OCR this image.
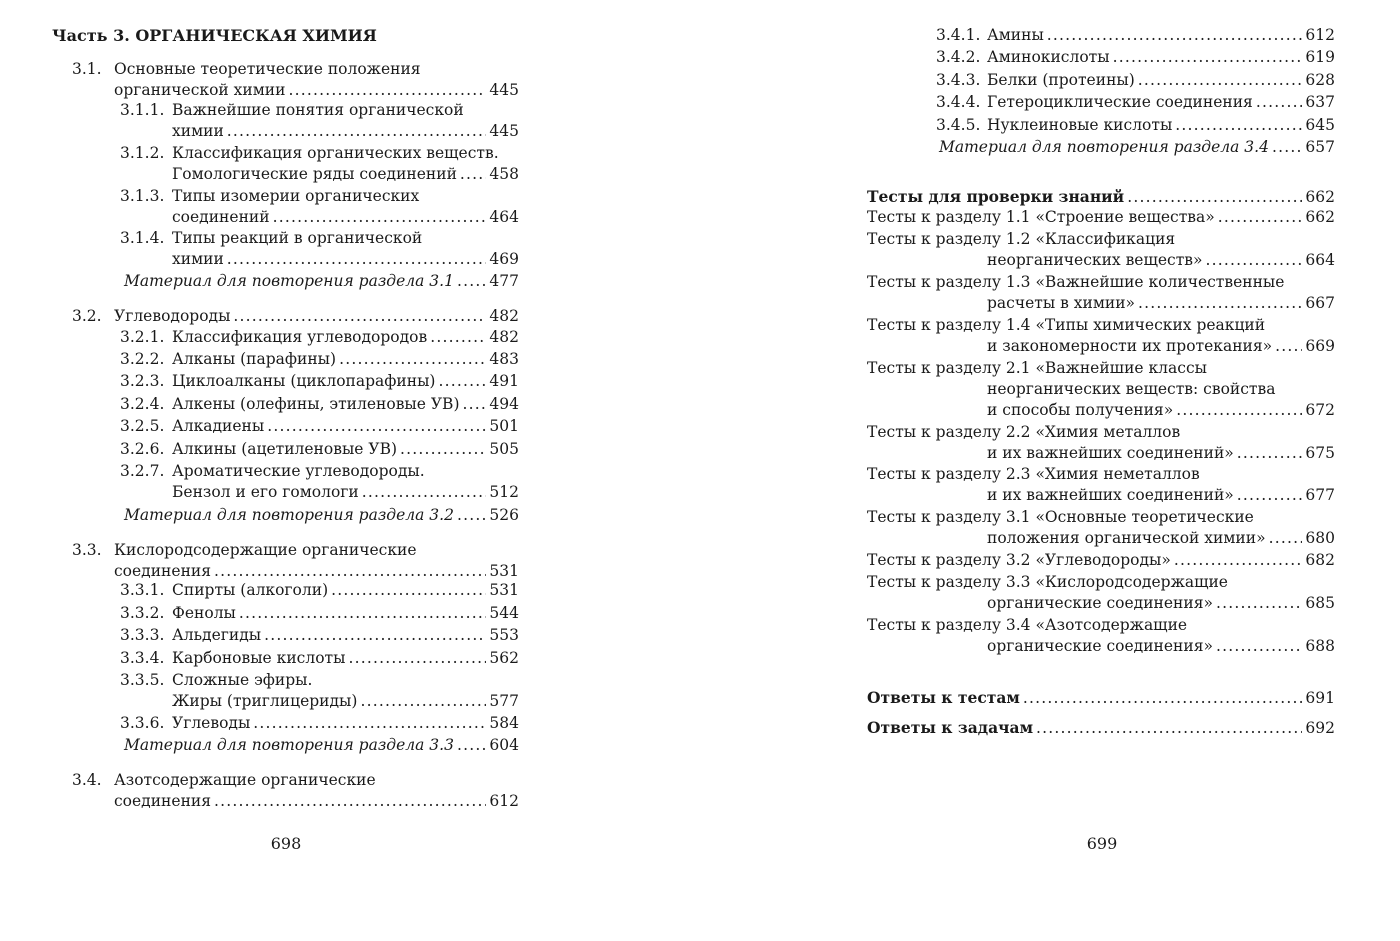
Часть 3. ОРГАНИЧЕСКАЯ ХИМИЯ
3.1. Основные теоретические положения
органической химии .....	445
3.1.1. Важнейшие понятия органической
химии .....	445
3.1.2. Классификация органических веществ.
Гомологические ряды соединений ..... 458
3.1.3. Типы изомерии органических
соединений .....	464
3.1.4. Типы реакций в органической
химии .....	469
Материал для повторения раздела 3.1 ..... 477
3.2. Углеводороды .....	482
3.2.1. Классификация углеводородов .....	482
3.2.2. Алканы (парафины) .....	483
3.2.3. Циклоалканы (циклопарафины) .....	491
3.2.4. Алкены (олефины, этиленовые УВ) ..... 494
3.2.5. Алкадиены .....	501
3.2.6. Алкины (ацетиленовые УВ) .....	505
3.2.7. Ароматические углеводороды.
Бензол и его гомологи .....	512
Материал для повторения раздела 3.2 ..... 526
3.3. Кислородсодержащие органические
соединения .....	531
3.3.1. Спирты (алкоголи) .....	531
3.3.2. Фенолы .....	544
3.3.3. Альдегиды .....	553
3.3.4. Карбоновые кислоты .....	562
3.3.5. Сложные эфиры.
Жиры (триглицериды) .....	577
3.3.6. Углеводы .....	584
Материал для повторения раздела 3.3 ..... 604
3.4. Азотсодержащие органические
соединения .....	612
698
3.4.1. Амины .....	612
3.4.2. Аминокислоты .....	619
3.4.3. Белки (протеины) .....	628
3.4.4. Гетероциклические соединения .....	637
3.4.5. Нуклеиновые кислоты .....	645
Материал для повторения раздела 3.4 ..... 657
Тесты для проверки знаний .....	662
Тесты к разделу 1.1 «Строение вещества» .....	662
Тесты к разделу 1.2 «Классификация
неорганических веществ» .....	664
Тесты к разделу 1.3 «Важнейшие количественные
расчеты в химии» .....	667
Тесты к разделу 1.4 «Типы химических реакций
и закономерности их протекания» ..... 669
Тесты к разделу 2.1 «Важнейшие классы
неорганических веществ: свойства
и способы получения» .....	672
Тесты к разделу 2.2 «Химия металлов
и их важнейших соединений» .....	675
Тесты к разделу 2.3 «Химия неметаллов
и их важнейших соединений» .....	677
Тесты к разделу 3.1 «Основные теоретические
положения органической химии» .....	680
Тесты к разделу 3.2 «Углеводороды» .....	682
Тесты к разделу 3.3 «Кислородсодержащие
органические соединения» .....	685
Тесты к разделу 3.4 «Азотсодержащие
органические соединения» .....	688
Ответы к тестам .....	691
Ответы к задачам .....	692
699
